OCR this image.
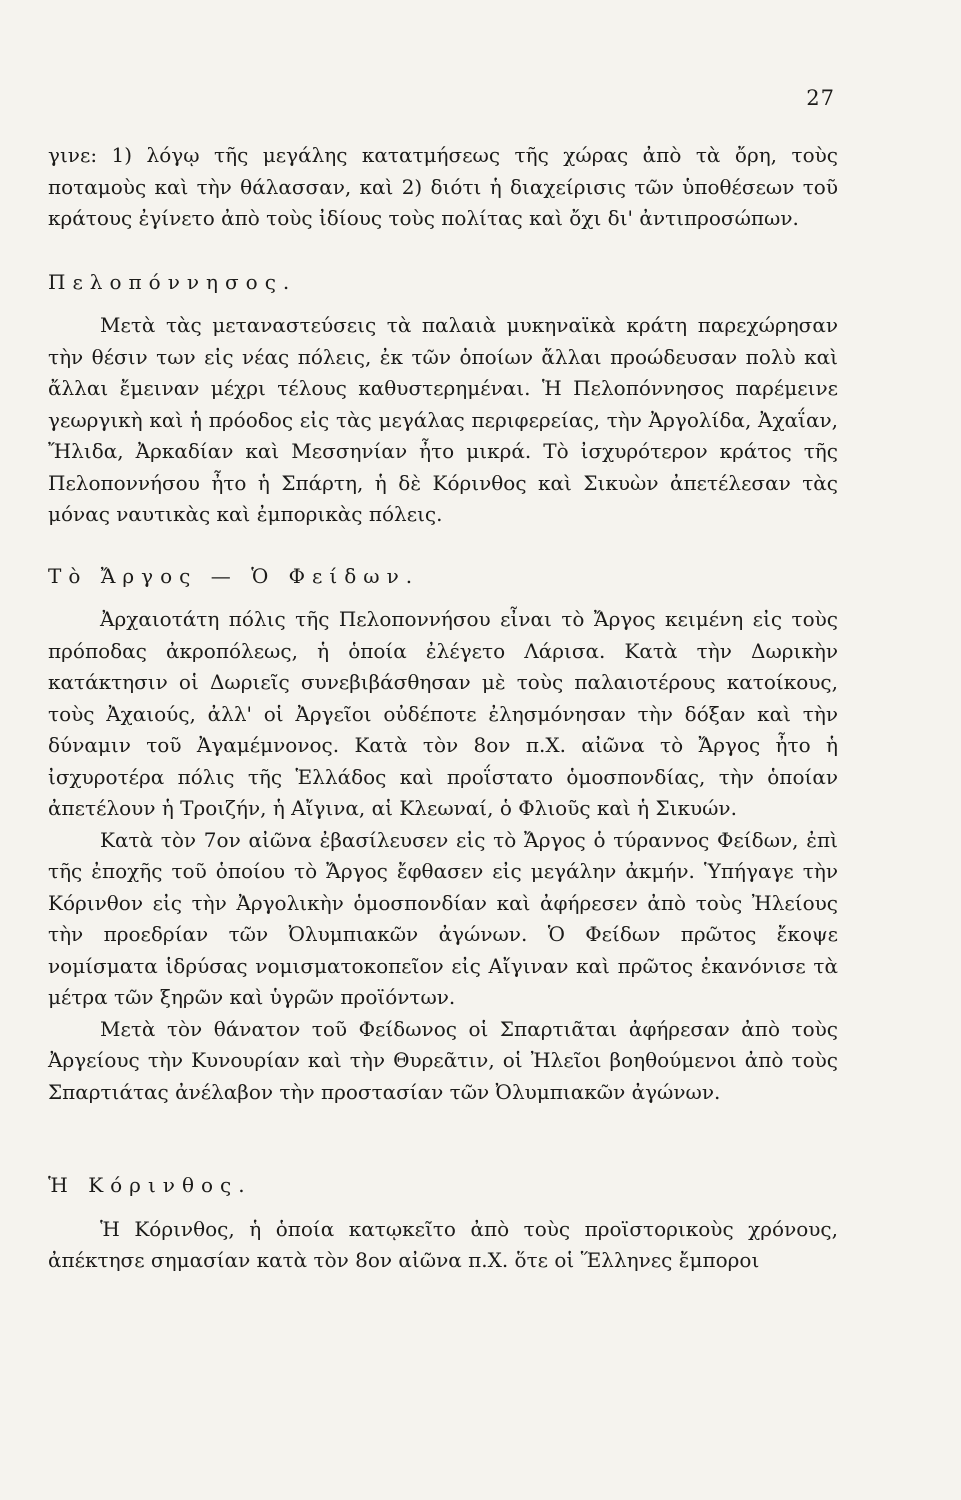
27

γινε: 1) λόγῳ τῆς μεγάλης κατατμήσεως τῆς χώρας ἀπὸ τὰ ὄρη, τοὺς ποταμοὺς καὶ τὴν θάλασσαν, καὶ 2) διότι ἡ διαχείρισις τῶν ὑποθέσεων τοῦ κράτους ἐγίνετο ἀπὸ τοὺς ἰδίους τοὺς πολίτας καὶ ὄχι δι' ἀντιπροσώπων.

Πελοπόννησος.

Μετὰ τὰς μεταναστεύσεις τὰ παλαιὰ μυκηναϊκὰ κράτη παρεχώρησαν τὴν θέσιν των εἰς νέας πόλεις, ἐκ τῶν ὁποίων ἄλλαι προώδευσαν πολὺ καὶ ἄλλαι ἔμειναν μέχρι τέλους καθυστερημέναι. Ἡ Πελοπόννησος παρέμεινε γεωργικὴ καὶ ἡ πρόοδος εἰς τὰς μεγάλας περιφερείας, τὴν Ἀργολίδα, Ἀχαΐαν, Ἤλιδα, Ἀρκαδίαν καὶ Μεσσηνίαν ἦτο μικρά. Τὸ ἰσχυρότερον κράτος τῆς Πελοποννήσου ἦτο ἡ Σπάρτη, ἡ δὲ Κόρινθος καὶ Σικυὼν ἀπετέλεσαν τὰς μόνας ναυτικὰς καὶ ἐμπορικὰς πόλεις.

Τὸ Ἄργος — Ὁ Φείδων.

Ἀρχαιοτάτη πόλις τῆς Πελοποννήσου εἶναι τὸ Ἄργος κειμένη εἰς τοὺς πρόποδας ἀκροπόλεως, ἡ ὁποία ἐλέγετο Λάρισα. Κατὰ τὴν Δωρικὴν κατάκτησιν οἱ Δωριεῖς συνεβιβάσθησαν μὲ τοὺς παλαιοτέρους κατοίκους, τοὺς Ἀχαιούς, ἀλλ' οἱ Ἀργεῖοι οὐδέποτε ἐλησμόνησαν τὴν δόξαν καὶ τὴν δύναμιν τοῦ Ἀγαμέμνονος. Κατὰ τὸν 8ον π.Χ. αἰῶνα τὸ Ἄργος ἦτο ἡ ἰσχυροτέρα πόλις τῆς Ἑλλάδος καὶ προΐστατο ὁμοσπονδίας, τὴν ὁποίαν ἀπετέλουν ἡ Τροιζήν, ἡ Αἴγινα, αἱ Κλεωναί, ὁ Φλιοῦς καὶ ἡ Σικυών.

Κατὰ τὸν 7ον αἰῶνα ἐβασίλευσεν εἰς τὸ Ἄργος ὁ τύραννος Φείδων, ἐπὶ τῆς ἐποχῆς τοῦ ὁποίου τὸ Ἄργος ἔφθασεν εἰς μεγάλην ἀκμήν. Ὑπήγαγε τὴν Κόρινθον εἰς τὴν Ἀργολικὴν ὁμοσπονδίαν καὶ ἀφήρεσεν ἀπὸ τοὺς Ἠλείους τὴν προεδρίαν τῶν Ὀλυμπιακῶν ἀγώνων. Ὁ Φείδων πρῶτος ἔκοψε νομίσματα ἱδρύσας νομισματοκοπεῖον εἰς Αἴγιναν καὶ πρῶτος ἐκανόνισε τὰ μέτρα τῶν ξηρῶν καὶ ὑγρῶν προϊόντων.

Μετὰ τὸν θάνατον τοῦ Φείδωνος οἱ Σπαρτιᾶται ἀφήρεσαν ἀπὸ τοὺς Ἀργείους τὴν Κυνουρίαν καὶ τὴν Θυρεᾶτιν, οἱ Ἠλεῖοι βοηθούμενοι ἀπὸ τοὺς Σπαρτιάτας ἀνέλαβον τὴν προστασίαν τῶν Ὀλυμπιακῶν ἀγώνων.

Ἡ Κόρινθος.

Ἡ Κόρινθος, ἡ ὁποία κατῳκεῖτο ἀπὸ τοὺς προϊστορικοὺς χρόνους, ἀπέκτησε σημασίαν κατὰ τὸν 8ον αἰῶνα π.Χ. ὅτε οἱ Ἕλληνες ἔμποροι
